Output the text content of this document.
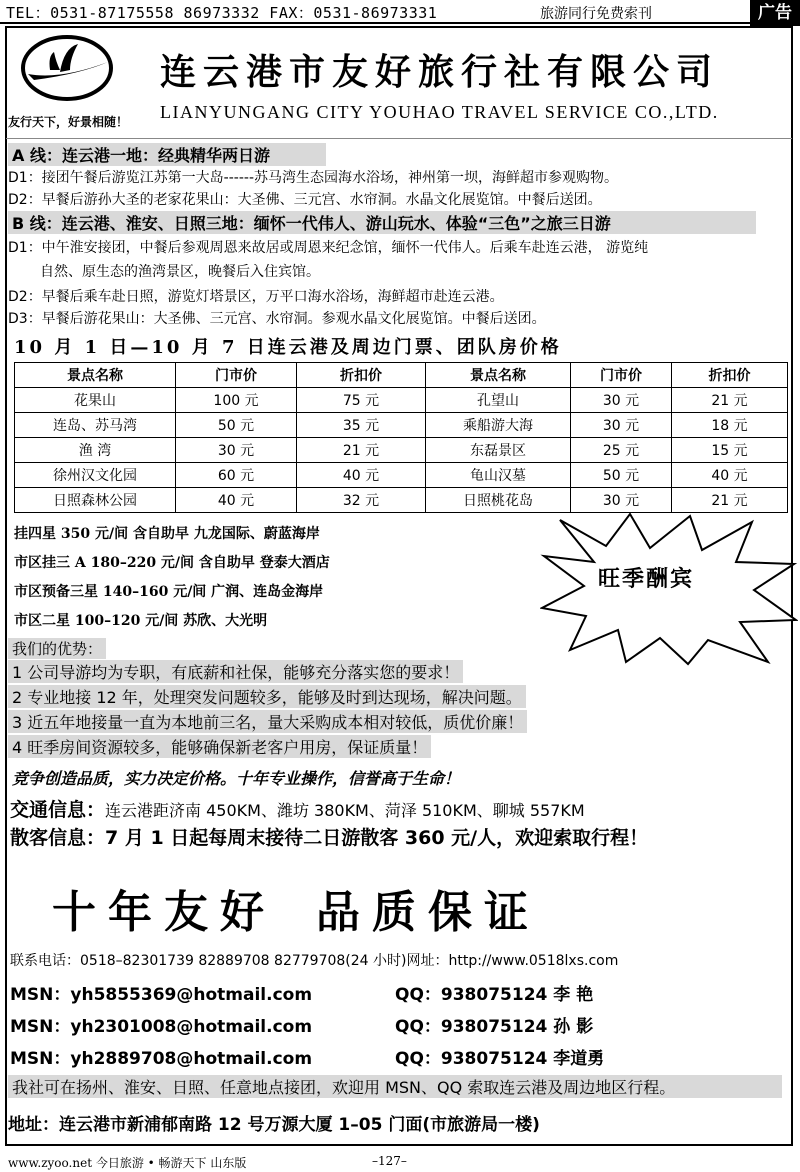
TEL：0531-87175558 86973332 FAX：0531-86973331	旅游同行免费索刊	广告
友行天下，好景相随！
连云港市友好旅行社有限公司
LIANYUNGANG CITY YOUHAO TRAVEL SERVICE CO.,LTD.
A 线：连云港一地：经典精华两日游
D1：接团午餐后游览江苏第一大岛------苏马湾生态园海水浴场，神州第一坝，海鲜超市参观购物。
D2：早餐后游孙大圣的老家花果山：大圣佛、三元宫、水帘洞。水晶文化展览馆。中餐后送团。
B 线：连云港、淮安、日照三地：缅怀一代伟人、游山玩水、体验“三色”之旅三日游
D1：中午淮安接团，中餐后参观周恩来故居或周恩来纪念馆，缅怀一代伟人。后乘车赴连云港， 游览纯
自然、原生态的渔湾景区，晚餐后入住宾馆。
D2：早餐后乘车赴日照，游览灯塔景区，万平口海水浴场，海鲜超市赴连云港。
D3：早餐后游花果山：大圣佛、三元宫、水帘洞。参观水晶文化展览馆。中餐后送团。
10 月 1 日—10 月 7 日连云港及周边门票、团队房价格
景点名称	门市价	折扣价	景点名称	门市价	折扣价
花果山	100 元	75 元	孔望山	30 元	21 元
连岛、苏马湾	50 元	35 元	乘船游大海	30 元	18 元
渔 湾	30 元	21 元	东磊景区	25 元	15 元
徐州汉文化园	60 元	40 元	龟山汉墓	50 元	40 元
日照森林公园	40 元	32 元	日照桃花岛	30 元	21 元
旺季酬宾
挂四星 350 元/间 含自助早 九龙国际、蔚蓝海岸
市区挂三 A 180–220 元/间 含自助早 登泰大酒店
市区预备三星 140–160 元/间 广润、连岛金海岸
市区二星 100–120 元/间 苏欣、大光明
我们的优势：
1 公司导游均为专职，有底薪和社保，能够充分落实您的要求！
2 专业地接 12 年，处理突发问题较多，能够及时到达现场，解决问题。
3 近五年地接量一直为本地前三名，量大采购成本相对较低，质优价廉！
4 旺季房间资源较多，能够确保新老客户用房，保证质量！
竞争创造品质，实力决定价格。十年专业操作，信誉高于生命！
交通信息：连云港距济南 450KM、潍坊 380KM、菏泽 510KM、聊城 557KM
散客信息：7 月 1 日起每周末接待二日游散客 360 元/人，欢迎索取行程！
十年友好 品质保证
联系电话：0518–82301739 82889708 82779708(24 小时)网址：http://www.0518lxs.com
MSN：yh5855369@hotmail.com	QQ：938075124 李 艳
MSN：yh2301008@hotmail.com	QQ：938075124 孙 影
MSN：yh2889708@hotmail.com	QQ：938075124 李道勇
我社可在扬州、淮安、日照、任意地点接团，欢迎用 MSN、QQ 索取连云港及周边地区行程。
地址：连云港市新浦郁南路 12 号万源大厦 1–05 门面(市旅游局一楼)
www.zyoo.net 今日旅游 • 畅游天下 山东版	–127–
